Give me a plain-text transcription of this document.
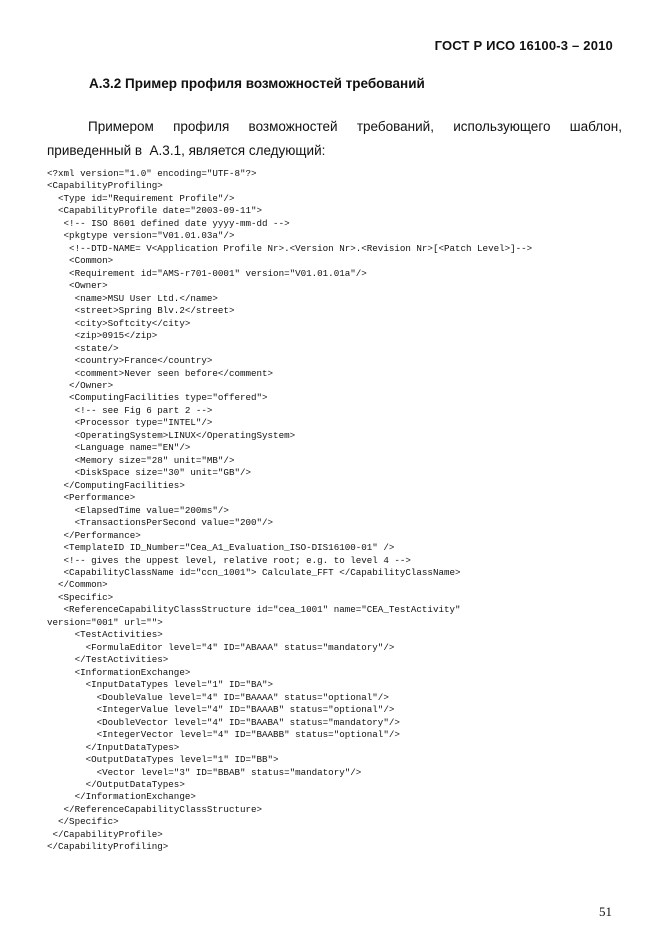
ГОСТ Р ИСО 16100-3 – 2010
A.3.2 Пример профиля возможностей требований
Примером профиля возможностей требований, использующего шаблон,
приведенный в  A.3.1, является следующий:
<?xml version="1.0" encoding="UTF-8"?>
<CapabilityProfiling>
<Type id="Requirement Profile"/>
<CapabilityProfile date="2003-09-11">
<!-- ISO 8601 defined date yyyy-mm-dd -->
<pkgtype version="V01.01.03a"/>
<!--DTD-NAME= V<Application Profile Nr>.<Version Nr>.<Revision Nr>[<Patch Level>]-->
<Common>
<Requirement id="AMS-r701-0001" version="V01.01.01a"/>
<Owner>
<name>MSU User Ltd.</name>
<street>Spring Blv.2</street>
<city>Softcity</city>
<zip>0915</zip>
<state/>
<country>France</country>
<comment>Never seen before</comment>
</Owner>
<ComputingFacilities type="offered">
<!-- see Fig 6 part 2 -->
<Processor type="INTEL"/>
<OperatingSystem>LINUX</OperatingSystem>
<Language name="EN"/>
<Memory size="28" unit="MB"/>
<DiskSpace size="30" unit="GB"/>
</ComputingFacilities>
<Performance>
<ElapsedTime value="200ms"/>
<TransactionsPerSecond value="200"/>
</Performance>
<TemplateID ID_Number="Cea_A1_Evaluation_ISO-DIS16100-01" />
<!-- gives the uppest level, relative root; e.g. to level 4 -->
<CapabilityClassName id="ccn_1001"> Calculate_FFT </CapabilityClassName>
</Common>
<Specific>
<ReferenceCapabilityClassStructure id="cea_1001" name="CEA_TestActivity"
version="001" url="">
<TestActivities>
<FormulaEditor level="4" ID="ABAAA" status="mandatory"/>
</TestActivities>
<InformationExchange>
<InputDataTypes level="1" ID="BA">
<DoubleValue level="4" ID="BAAAA" status="optional"/>
<IntegerValue level="4" ID="BAAAB" status="optional"/>
<DoubleVector level="4" ID="BAABA" status="mandatory"/>
<IntegerVector level="4" ID="BAABB" status="optional"/>
</InputDataTypes>
<OutputDataTypes level="1" ID="BB">
<Vector level="3" ID="BBAB" status="mandatory"/>
</OutputDataTypes>
</InformationExchange>
</ReferenceCapabilityClassStructure>
</Specific>
</CapabilityProfile>
</CapabilityProfiling>
51
